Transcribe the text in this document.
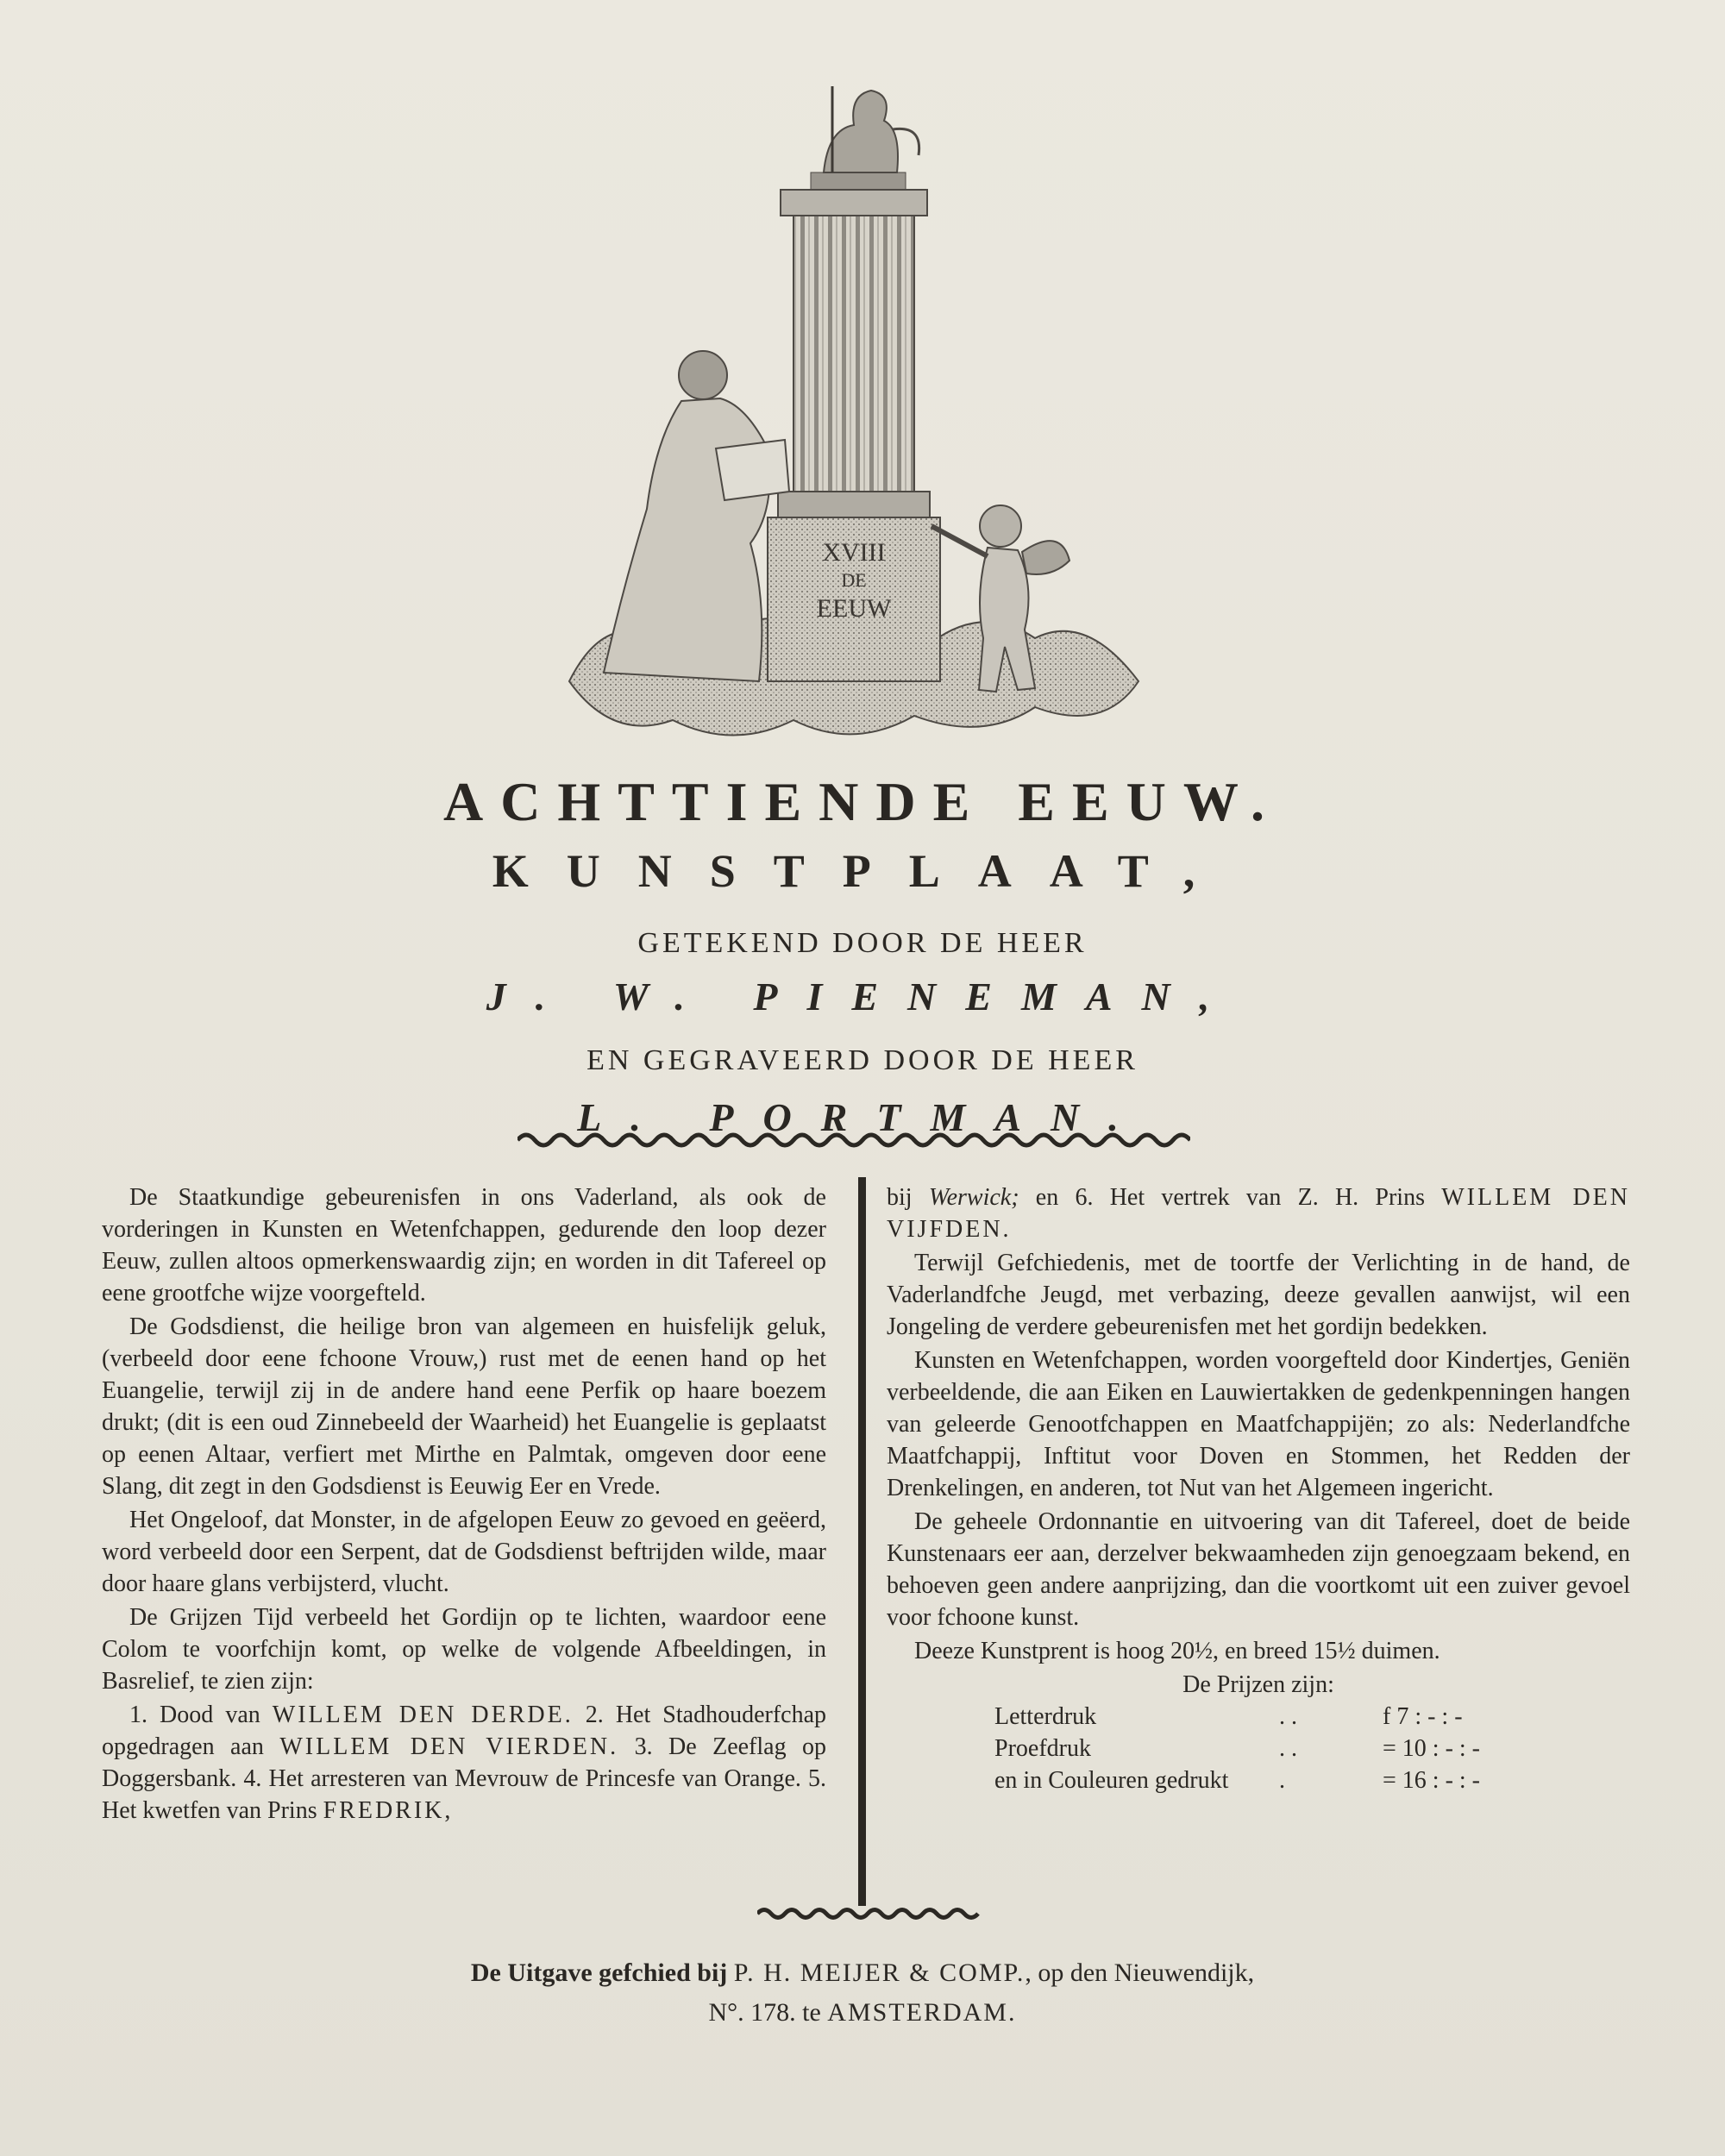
XVIII
DE
EEUW

ACHTTIENDE EEUW.

KUNSTPLAAT,

GETEKEND DOOR DE HEER

J. W. PIENEMAN,

EN GEGRAVEERD DOOR DE HEER

L. PORTMAN.

De Staatkundige gebeurenisfen in ons Vaderland, als ook de vorderingen in Kunsten en Wetenfchappen, gedurende den loop dezer Eeuw, zullen altoos opmerkenswaardig zijn; en worden in dit Tafereel op eene grootfche wijze voorgefteld.

De Godsdienst, die heilige bron van algemeen en huisfelijk geluk, (verbeeld door eene fchoone Vrouw,) rust met de eenen hand op het Euangelie, terwijl zij in de andere hand eene Perfik op haare boezem drukt; (dit is een oud Zinnebeeld der Waarheid) het Euangelie is geplaatst op eenen Altaar, verfiert met Mirthe en Palmtak, omgeven door eene Slang, dit zegt in den Godsdienst is Eeuwig Eer en Vrede.

Het Ongeloof, dat Monster, in de afgelopen Eeuw zo gevoed en geëerd, word verbeeld door een Serpent, dat de Godsdienst beftrijden wilde, maar door haare glans verbijsterd, vlucht.

De Grijzen Tijd verbeeld het Gordijn op te lichten, waardoor eene Colom te voorfchijn komt, op welke de volgende Afbeeldingen, in Basrelief, te zien zijn:

1. Dood van WILLEM DEN DERDE. 2. Het Stadhouderfchap opgedragen aan WILLEM DEN VIERDEN. 3. De Zeeflag op Doggersbank. 4. Het arresteren van Mevrouw de Princesfe van Orange. 5. Het kwetfen van Prins FREDRIK,

bij Werwick; en 6. Het vertrek van Z. H. Prins WILLEM DEN VIJFDEN.

Terwijl Gefchiedenis, met de toortfe der Verlichting in de hand, de Vaderlandfche Jeugd, met verbazing, deeze gevallen aanwijst, wil een Jongeling de verdere gebeurenisfen met het gordijn bedekken.

Kunsten en Wetenfchappen, worden voorgefteld door Kindertjes, Geniën verbeeldende, die aan Eiken en Lauwiertakken de gedenkpenningen hangen van geleerde Genootfchappen en Maatfchappijën; zo als: Nederlandfche Maatfchappij, Inftitut voor Doven en Stommen, het Redden der Drenkelingen, en anderen, tot Nut van het Algemeen ingericht.

De geheele Ordonnantie en uitvoering van dit Tafereel, doet de beide Kunstenaars eer aan, derzelver bekwaamheden zijn genoegzaam bekend, en behoeven geen andere aanprijzing, dan die voortkomt uit een zuiver gevoel voor fchoone kunst.

Deeze Kunstprent is hoog 20½, en breed 15½ duimen.

De Prijzen zijn:
Letterdruk	. .	f 7 : - : -
Proefdruk	. .	= 10 : - : -
en in Couleuren gedrukt	.	= 16 : - : -
De Uitgave gefchied bij P. H. MEIJER & COMP., op den Nieuwendijk,
N°. 178. te AMSTERDAM.
